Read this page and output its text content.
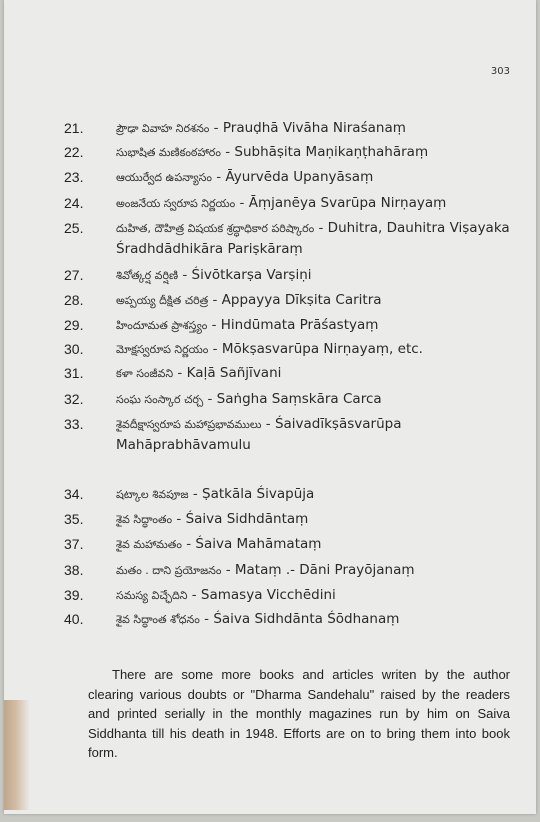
303
21.	ప్రౌఢా వివాహ నిరశనం - Prauḍhā Vivāha Niraśanaṃ
22.	సుభాషిత మణికంఠహారం - Subhāṣita Maṇikaṇṭhahāraṃ
23.	ఆయుర్వేద ఉపన్యాసం - Āyurvēda Upanyāsaṃ
24.	అంజనేయ స్వరూప నిర్ణయం - Āṃjanēya Svarūpa Nirṇayaṃ
25.	దుహిత, దౌహిత్ర విషయక శ్రద్ధాధికార పరిష్కారం - Duhitra, Dauhitra Viṣayaka Śradhdādhikāra Pariṣkāraṃ
27.	శివోత్కర్ష వర్షిణి - Śivōtkarṣa Varṣiṇi
28.	అప్పయ్య దీక్షిత చరిత్ర - Appayya Dīkṣita Caritra
29.	హిందూమత ప్రాశస్త్యం - Hindūmata Prāśastyaṃ
30.	మోక్షస్వరూప నిర్ణయం - Mōkṣasvarūpa Nirṇayaṃ, etc.
31.	కళా సంజీవని - Kaḷā Sañjīvani
32.	సంఘ సంస్కార చర్చ - Saṅgha Saṃskāra Carca
33.	శైవదీక్షాస్వరూప మహాప్రభావములు - Śaivadīkṣāsvarūpa Mahāprabhāvamulu
34.	షట్కాల శివపూజ - Ṣatkāla Śivapūja
35.	శైవ సిద్ధాంతం - Śaiva Sidhdāntaṃ
37.	శైవ మహామతం - Śaiva Mahāmataṃ
38.	మతం . దాని ప్రయోజనం - Mataṃ .- Dāni Prayōjanaṃ
39.	సమస్య విచ్ఛేదిని - Samasya Vicchēdini
40.	శైవ సిద్ధాంత శోధనం - Śaiva Sidhdānta Śōdhanaṃ

There are some more books and articles writen by the author clearing various doubts or "Dharma Sandehalu" raised by the readers and printed serially in the monthly magazines run by him on Saiva Siddhanta till his death in 1948. Efforts are on to bring them into book form.
